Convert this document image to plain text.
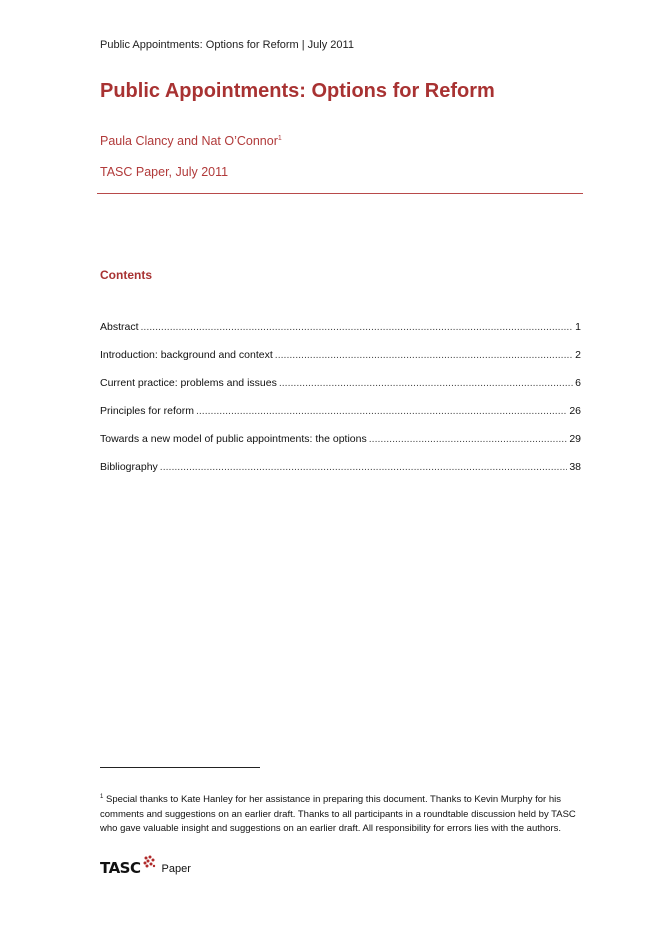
Public Appointments: Options for Reform | July 2011
Public Appointments: Options for Reform
Paula Clancy and Nat O’Connor$^1$
TASC Paper, July 2011
Contents
Abstract .....	1
Introduction: background and context .....	2
Current practice: problems and issues .....	6
Principles for reform .....	26
Towards a new model of public appointments: the options .....	29
Bibliography .....	38
$^1$ Special thanks to Kate Hanley for her assistance in preparing this document. Thanks to Kevin Murphy for his comments and suggestions on an earlier draft. Thanks to all participants in a roundtable discussion held by TASC who gave valuable insight and suggestions on an earlier draft. All responsibility for errors lies with the authors.
TASC Paper
